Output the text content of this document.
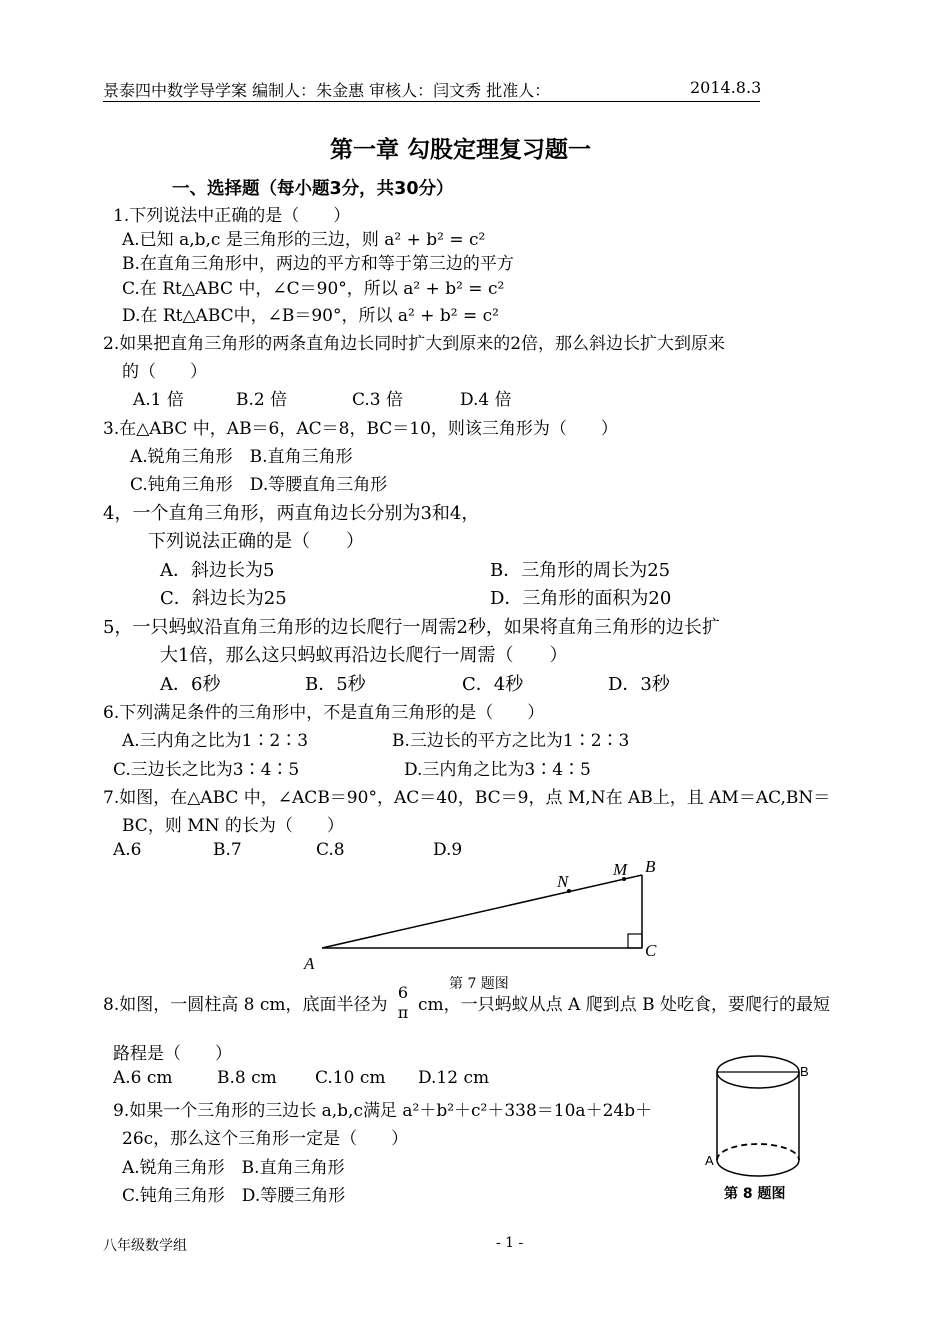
景泰四中数学导学案 编制人：朱金惠 审核人：闫文秀 批准人：	2014.8.3
第一章 勾股定理复习题一
一、选择题（每小题3分，共30分）
1.下列说法中正确的是（　　）
A.已知 a,b,c 是三角形的三边，则 a² + b² = c²
B.在直角三角形中，两边的平方和等于第三边的平方
C.在 Rt△ABC 中，∠C＝90°，所以 a² + b² = c²
D.在 Rt△ABC中，∠B＝90°，所以 a² + b² = c²
2.如果把直角三角形的两条直角边长同时扩大到原来的2倍，那么斜边长扩大到原来
的（　　）
A.1 倍	B.2 倍	C.3 倍	D.4 倍
3.在△ABC 中，AB＝6，AC＝8，BC＝10，则该三角形为（　　）
A.锐角三角形　B.直角三角形
C.钝角三角形　D.等腰直角三角形
4，一个直角三角形，两直角边长分别为3和4，
下列说法正确的是（　　）
A．斜边长为5	B．三角形的周长为25
C．斜边长为25	D．三角形的面积为20
5，一只蚂蚁沿直角三角形的边长爬行一周需2秒，如果将直角三角形的边长扩
大1倍，那么这只蚂蚁再沿边长爬行一周需（　　）
A．6秒	B．5秒	C．4秒	D．3秒
6.下列满足条件的三角形中，不是直角三角形的是（　　）
A.三内角之比为1∶2∶3	B.三边长的平方之比为1∶2∶3
C.三边长之比为3∶4∶5	D.三内角之比为3∶4∶5
7.如图，在△ABC 中，∠ACB＝90°，AC＝40，BC＝9，点 M,N在 AB上，且 AM＝AC,BN＝
BC，则 MN 的长为（　　）
A.6	B.7	C.8	D.9
A
B
C
M
N
第 7 题图
8.如图，一圆柱高 8 cm，底面半径为
6
π cm，一只蚂蚁从点 A 爬到点 B 处吃食，要爬行的最短
路程是（　　）
A.6 cm	B.8 cm C.10 cm D.12 cm	B
A
第 8 题图
9.如果一个三角形的三边长 a,b,c满足 a²＋b²＋c²＋338＝10a＋24b＋
26c，那么这个三角形一定是（　　）
A.锐角三角形　B.直角三角形
C.钝角三角形　D.等腰三角形
八年级数学组	- 1 -
